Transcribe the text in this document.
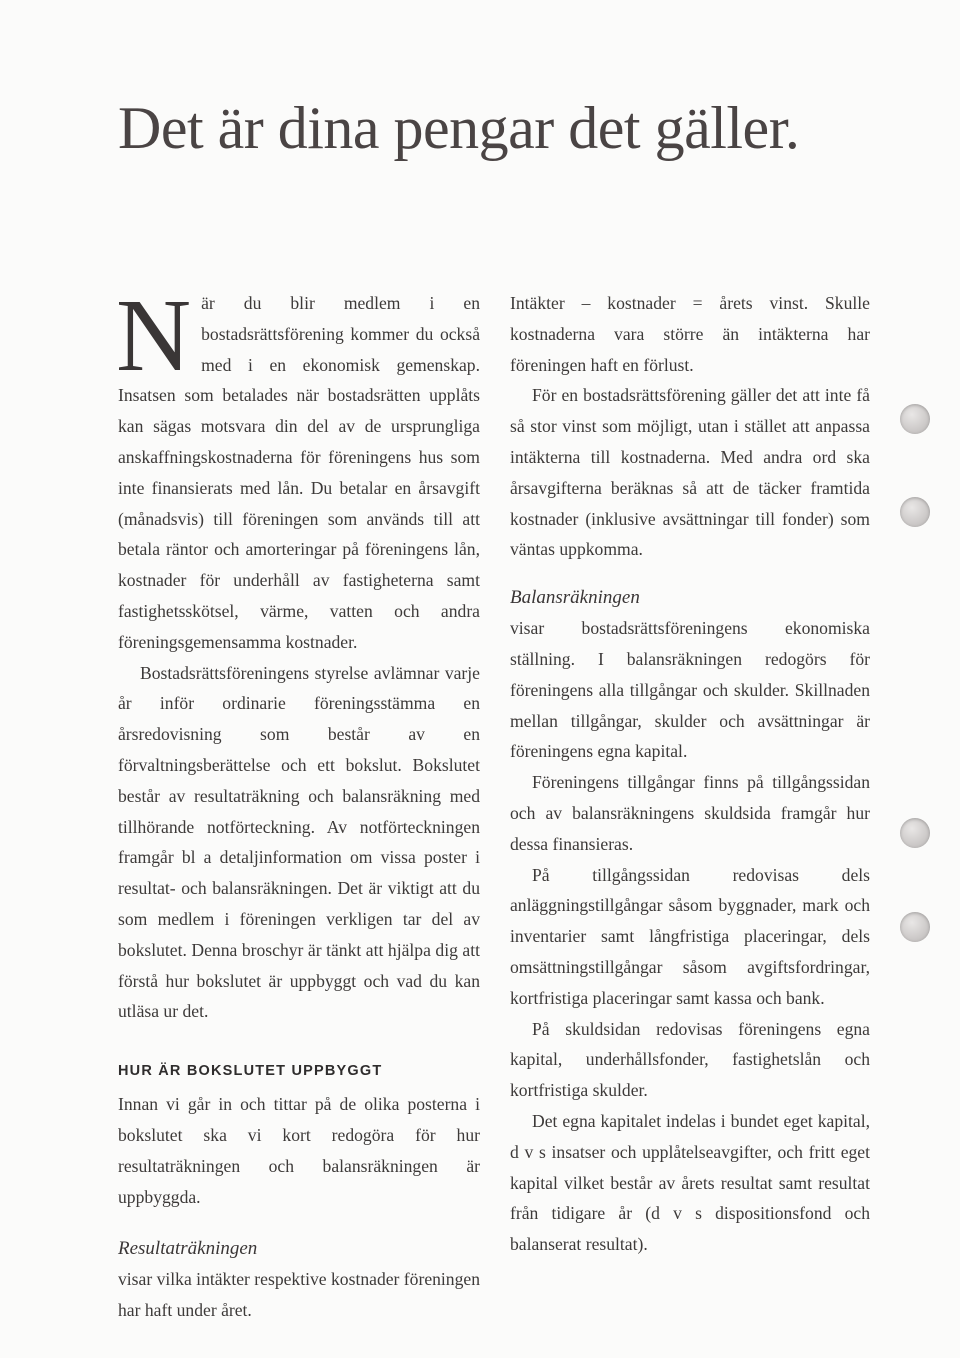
Det är dina pengar det gäller.

När du blir medlem i en bostadsrättsförening kommer du också med i en ekonomisk gemenskap. Insatsen som betalades när bostadsrätten upplåts kan sägas motsvara din del av de ursprungliga anskaffningskostnaderna för föreningens hus som inte finansierats med lån. Du betalar en årsavgift (månadsvis) till föreningen som används till att betala räntor och amorteringar på föreningens lån, kostnader för underhåll av fastigheterna samt fastighetsskötsel, värme, vatten och andra föreningsgemensamma kostnader.

Bostadsrättsföreningens styrelse avlämnar varje år inför ordinarie föreningsstämma en årsredovisning som består av en förvaltningsberättelse och ett bokslut. Bokslutet består av resultaträkning och balansräkning med tillhörande notförteckning. Av notförteckningen framgår bl a detaljinformation om vissa poster i resultat- och balansräkningen. Det är viktigt att du som medlem i föreningen verkligen tar del av bokslutet. Denna broschyr är tänkt att hjälpa dig att förstå hur bokslutet är uppbyggt och vad du kan utläsa ur det.

HUR ÄR BOKSLUTET UPPBYGGT

Innan vi går in och tittar på de olika posterna i bokslutet ska vi kort redogöra för hur resultaträkningen och balansräkningen är uppbyggda.

Resultaträkningen

visar vilka intäkter respektive kostnader föreningen har haft under året.

Intäkter – kostnader = årets vinst. Skulle kostnaderna vara större än intäkterna har föreningen haft en förlust.

För en bostadsrättsförening gäller det att inte få så stor vinst som möjligt, utan i stället att anpassa intäkterna till kostnaderna. Med andra ord ska årsavgifterna beräknas så att de täcker framtida kostnader (inklusive avsättningar till fonder) som väntas uppkomma.

Balansräkningen

visar bostadsrättsföreningens ekonomiska ställning. I balansräkningen redogörs för föreningens alla tillgångar och skulder. Skillnaden mellan tillgångar, skulder och avsättningar är föreningens egna kapital.

Föreningens tillgångar finns på tillgångssidan och av balansräkningens skuldsida framgår hur dessa finansieras.

På tillgångssidan redovisas dels anläggningstillgångar såsom byggnader, mark och inventarier samt långfristiga placeringar, dels omsättningstillgångar såsom avgiftsfordringar, kortfristiga placeringar samt kassa och bank.

På skuldsidan redovisas föreningens egna kapital, underhållsfonder, fastighetslån och kortfristiga skulder.

Det egna kapitalet indelas i bundet eget kapital, d v s insatser och upplåtelseavgifter, och fritt eget kapital vilket består av årets resultat samt resultat från tidigare år (d v s dispositionsfond och balanserat resultat).
